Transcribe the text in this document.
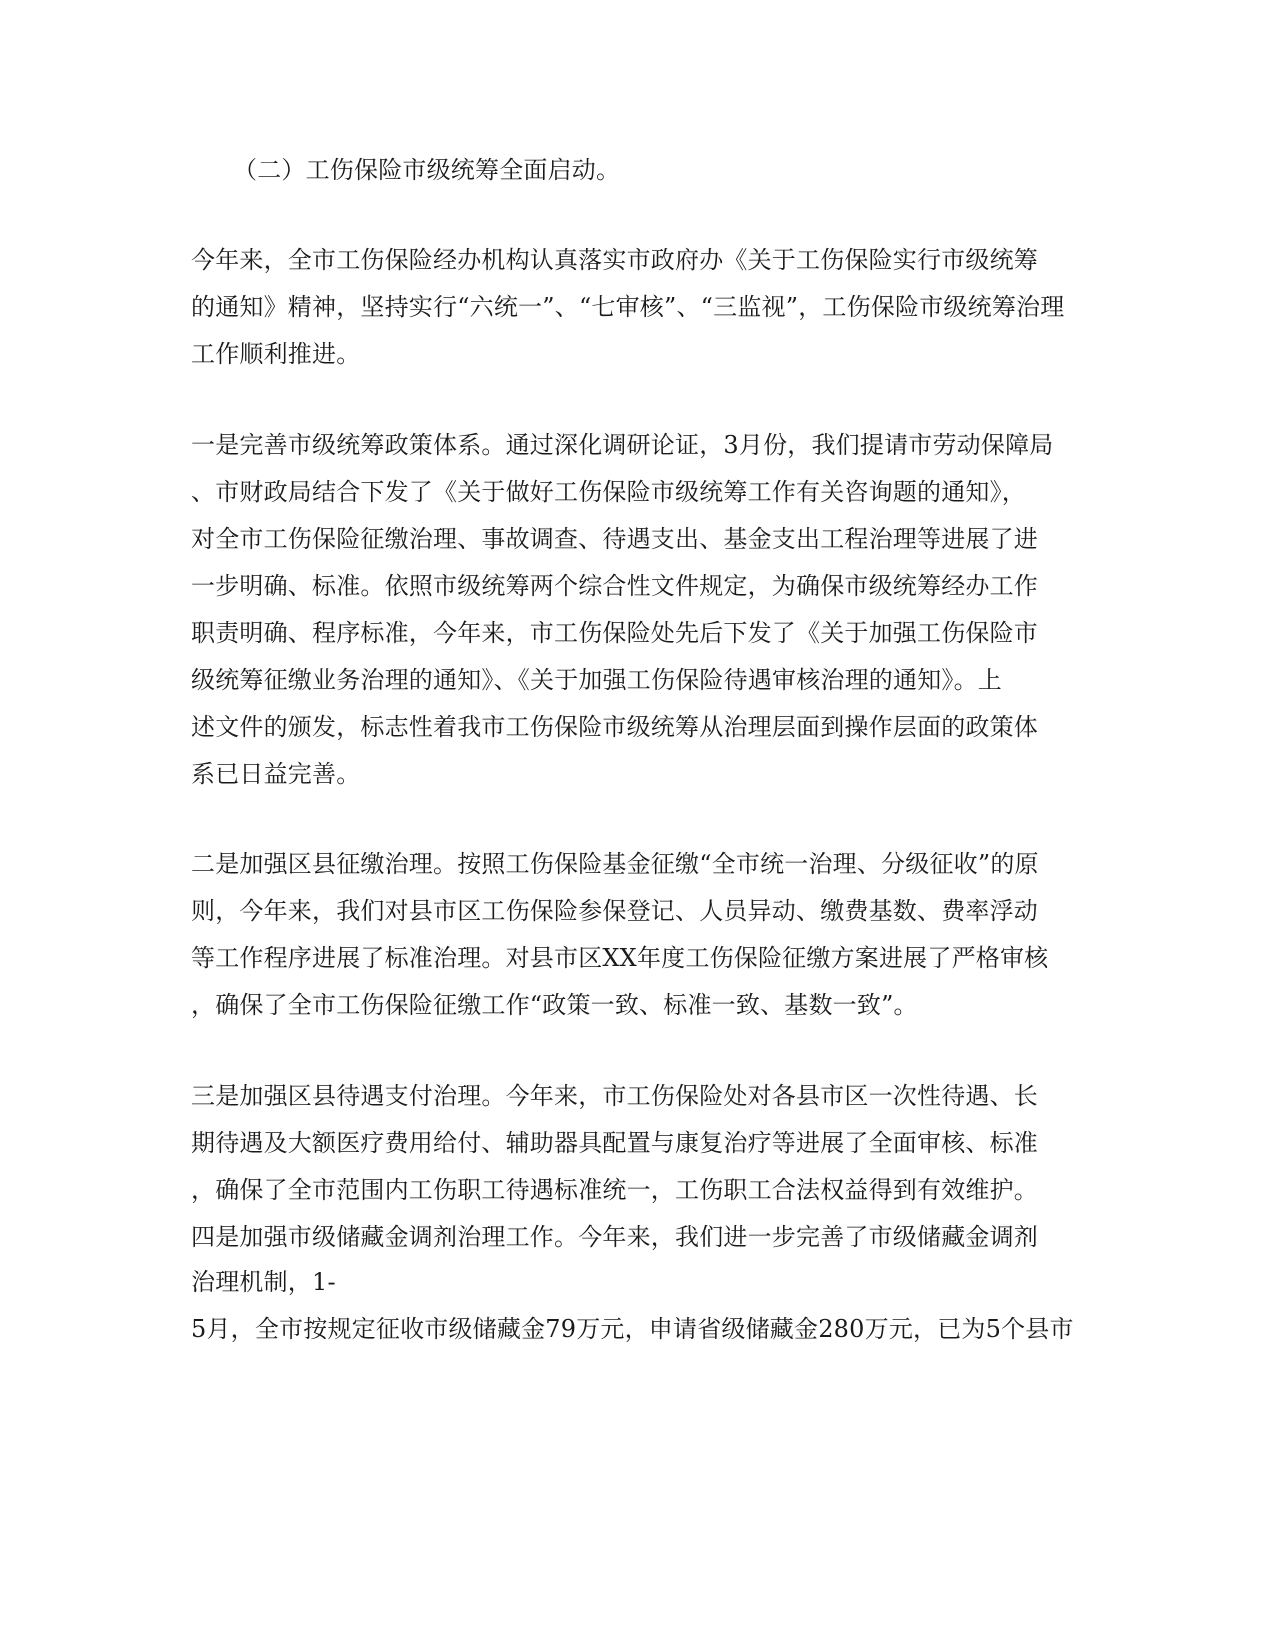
（二）工伤保险市级统筹全面启动。
今年来，全市工伤保险经办机构认真落实市政府办《关于工伤保险实行市级统筹
的通知》精神，坚持实行“六统一”、“七审核”、“三监视”，工伤保险市级统筹治理
工作顺利推进。
一是完善市级统筹政策体系。通过深化调研论证，3月份，我们提请市劳动保障局
、市财政局结合下发了《关于做好工伤保险市级统筹工作有关咨询题的通知》，
对全市工伤保险征缴治理、事故调查、待遇支出、基金支出工程治理等进展了进
一步明确、标准。依照市级统筹两个综合性文件规定，为确保市级统筹经办工作
职责明确、程序标准，今年来，市工伤保险处先后下发了《关于加强工伤保险市
级统筹征缴业务治理的通知》、《关于加强工伤保险待遇审核治理的通知》。上
述文件的颁发，标志性着我市工伤保险市级统筹从治理层面到操作层面的政策体
系已日益完善。
二是加强区县征缴治理。按照工伤保险基金征缴“全市统一治理、分级征收”的原
则，今年来，我们对县市区工伤保险参保登记、人员异动、缴费基数、费率浮动
等工作程序进展了标准治理。对县市区XX年度工伤保险征缴方案进展了严格审核
，确保了全市工伤保险征缴工作“政策一致、标准一致、基数一致”。
三是加强区县待遇支付治理。今年来，市工伤保险处对各县市区一次性待遇、长
期待遇及大额医疗费用给付、辅助器具配置与康复治疗等进展了全面审核、标准
，确保了全市范围内工伤职工待遇标准统一，工伤职工合法权益得到有效维护。
四是加强市级储藏金调剂治理工作。今年来，我们进一步完善了市级储藏金调剂
治理机制，1-
5月，全市按规定征收市级储藏金79万元，申请省级储藏金280万元，已为5个县市
